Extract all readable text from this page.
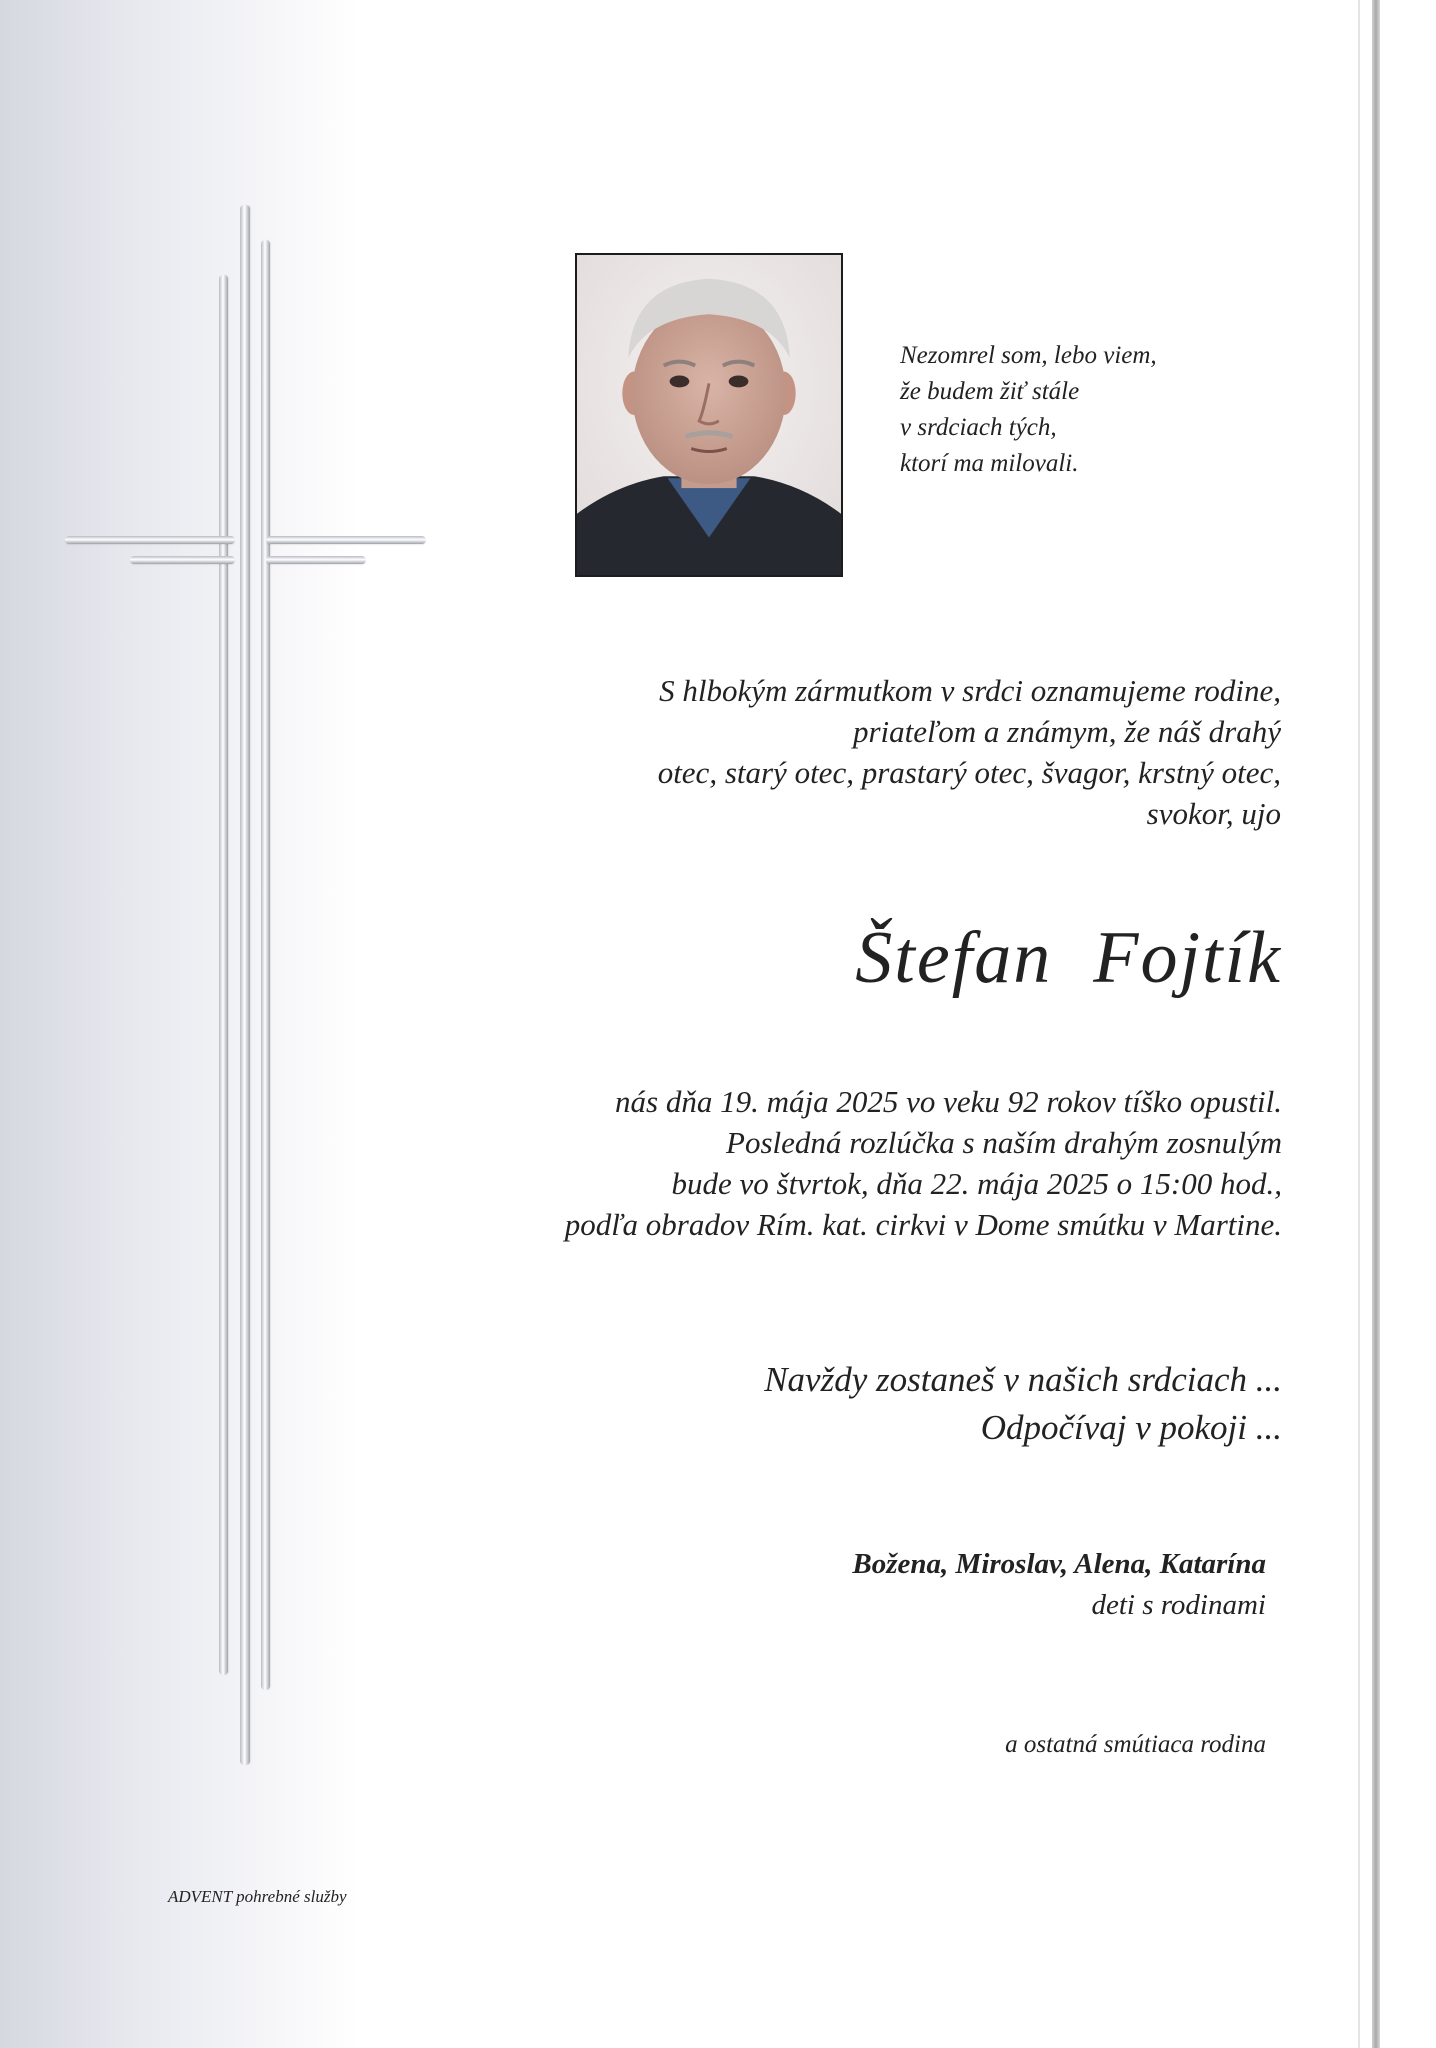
Nezomrel som, lebo viem,
že budem žiť stále
v srdciach tých,
ktorí ma milovali.
S hlbokým zármutkom v srdci oznamujeme rodine,
priateľom a známym, že náš drahý
otec, starý otec, prastarý otec, švagor, krstný otec,
svokor, ujo
Štefan  Fojtík
nás dňa 19. mája 2025 vo veku 92 rokov tíško opustil.
Posledná rozlúčka s naším drahým zosnulým
bude vo štvrtok, dňa 22. mája 2025 o 15:00 hod.,
podľa obradov Rím. kat. cirkvi v Dome smútku v Martine.
Navždy zostaneš v našich srdciach ...
Odpočívaj v pokoji ...
Božena, Miroslav, Alena, Katarína
deti s rodinami
a ostatná smútiaca rodina
ADVENT pohrebné služby
